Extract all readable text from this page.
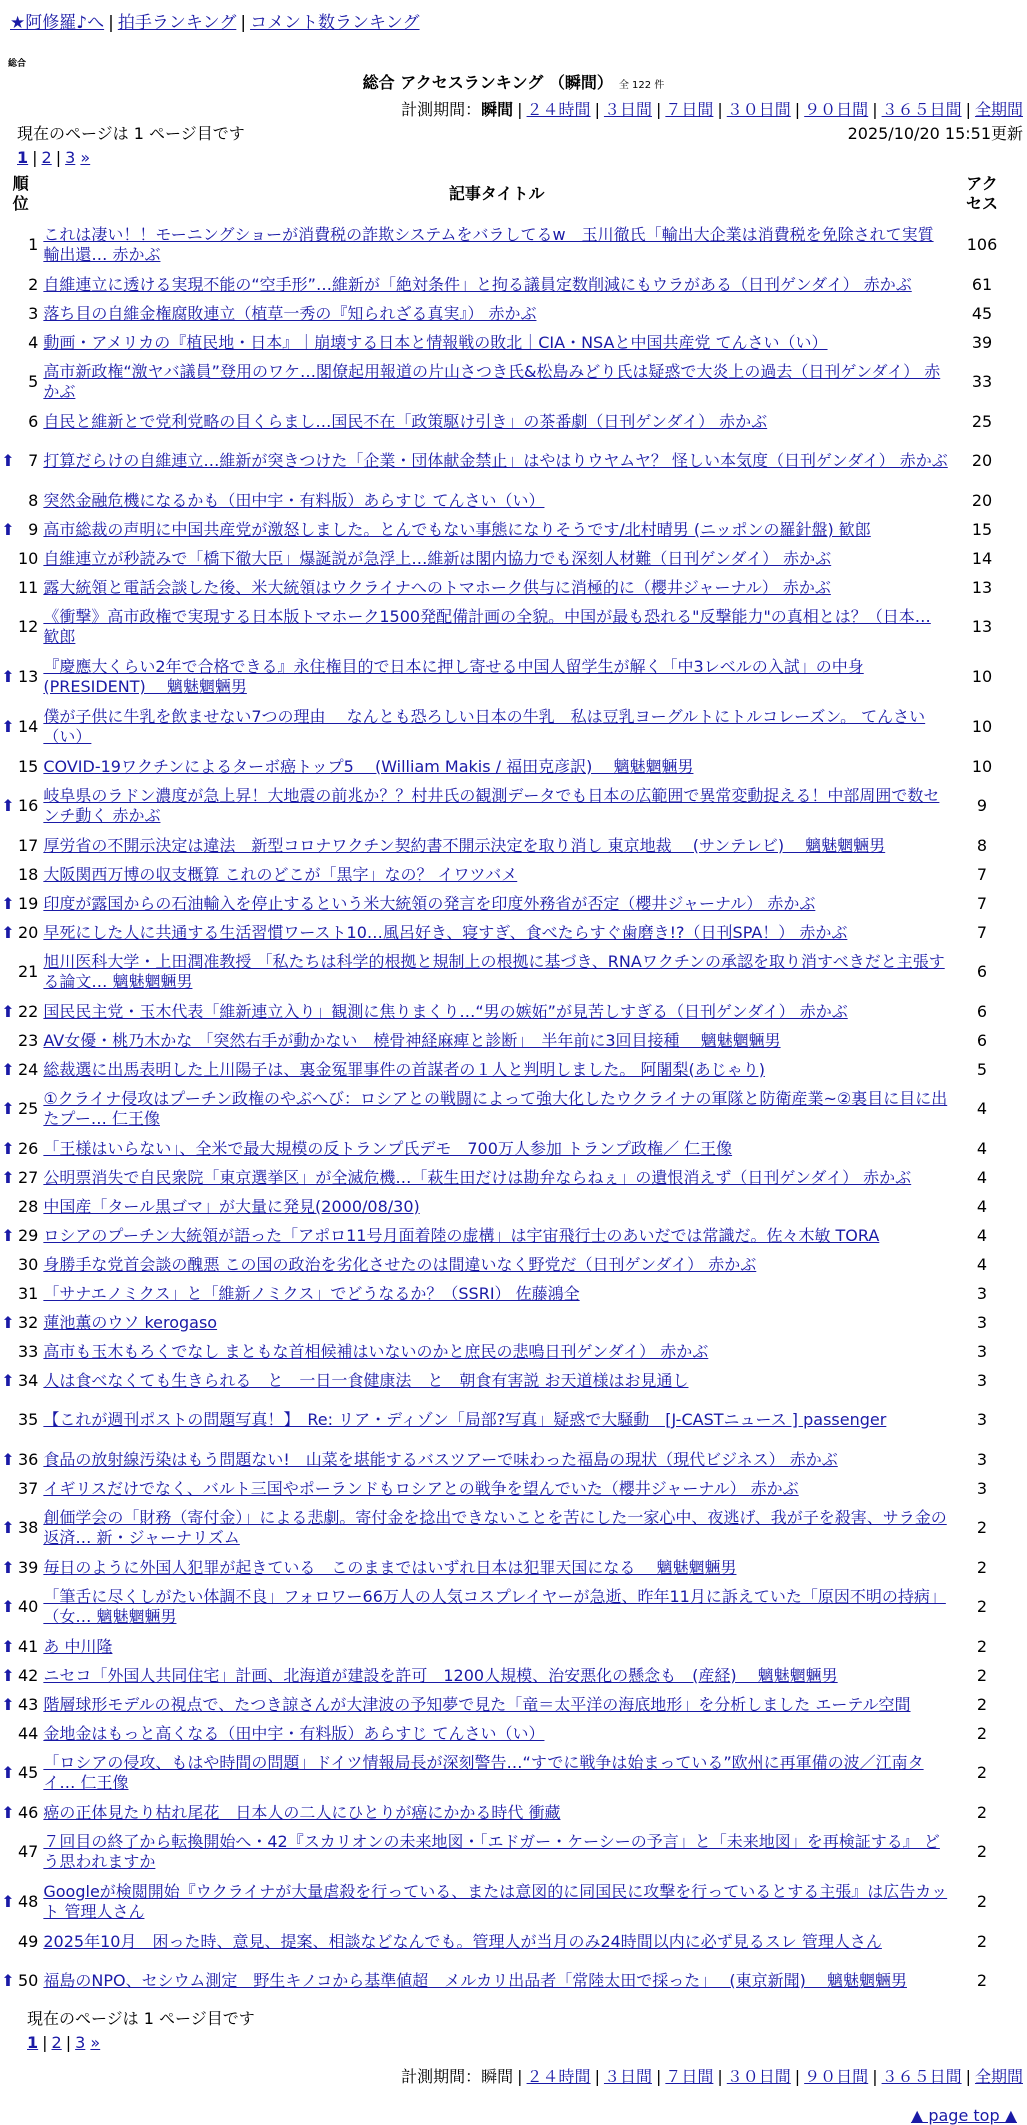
★阿修羅♪へ | 拍手ランキング | コメント数ランキング
総合
総合 アクセスランキング （瞬間） 全 122 件
計測期間：瞬間 | ２４時間 | ３日間 | ７日間 | ３０日間 | ９０日間 | ３６５日間 | 全期間
現在のページは 1 ページ目です	2025/10/20 15:51更新
1 | 2 | 3 »
順位		記事タイトル	アクセス
	1	これは凄い！！モーニングショーが消費税の詐欺システムをバラしてるw　玉川徹氏「輸出大企業は消費税を免除されて実質 輸出還… 赤かぶ	106
	2	自維連立に透ける実現不能の“空手形”…維新が「絶対条件」と拘る議員定数削減にもウラがある（日刊ゲンダイ） 赤かぶ	61
	3	落ち目の自維金権腐敗連立（植草一秀の『知られざる真実』） 赤かぶ	45
	4	動画・アメリカの『植民地・日本』｜崩壊する日本と情報戦の敗北｜CIA・NSAと中国共産党 てんさい（い）	39
	5	高市新政権“激ヤバ議員”登用のワケ…閣僚起用報道の片山さつき氏&松島みどり氏は疑惑で大炎上の過去（日刊ゲンダイ） 赤かぶ	33
	6	自民と維新とで党利党略の目くらまし…国民不在「政策駆け引き」の茶番劇（日刊ゲンダイ） 赤かぶ	25
⬆	7	打算だらけの自維連立…維新が突きつけた「企業・団体献金禁止」はやはりウヤムヤ？ 怪しい本気度（日刊ゲンダイ） 赤かぶ	20
	8	突然金融危機になるかも（田中宇・有料版）あらすじ てんさい（い）	20
⬆	9	高市総裁の声明に中国共産党が激怒しました。とんでもない事態になりそうです/北村晴男 (ニッポンの羅針盤) 歓郎	15
	10	自維連立が秒読みで「橋下徹大臣」爆誕説が急浮上…維新は閣内協力でも深刻人材難（日刊ゲンダイ） 赤かぶ	14
	11	露大統領と電話会談した後、米大統領はウクライナへのトマホーク供与に消極的に（櫻井ジャーナル） 赤かぶ	13
	12	《衝撃》高市政権で実現する日本版トマホーク1500発配備計画の全貌。中国が最も恐れる"反撃能力"の真相とは？（日本… 歓郎	13
⬆	13	『慶應大くらい2年で合格できる』永住権目的で日本に押し寄せる中国人留学生が解く「中3レベルの入試」の中身 (PRESIDENT)　 魑魅魍魎男	10
⬆	14	僕が子供に牛乳を飲ませない7つの理由　 なんとも恐ろしい日本の牛乳　私は豆乳ヨーグルトにトルコレーズン。 てんさい（い）	10
	15	COVID-19ワクチンによるターボ癌トップ5　 (William Makis / 福田克彦訳)　 魑魅魍魎男	10
⬆	16	岐阜県のラドン濃度が急上昇！大地震の前兆か？？村井氏の観測データでも日本の広範囲で異常変動捉える！中部周囲で数センチ動く 赤かぶ	9
	17	厚労省の不開示決定は違法　新型コロナワクチン契約書不開示決定を取り消し 東京地裁　 (サンテレビ)　 魑魅魍魎男	8
	18	大阪関西万博の収支概算 これのどこが「黒字」なの？ イワツバメ	7
⬆	19	印度が露国からの石油輸入を停止するという米大統領の発言を印度外務省が否定（櫻井ジャーナル） 赤かぶ	7
⬆	20	早死にした人に共通する生活習慣ワースト10…風呂好き、寝すぎ、食べたらすぐ歯磨き!?（日刊SPA！） 赤かぶ	7
	21	旭川医科大学・上田潤准教授 「私たちは科学的根拠と規制上の根拠に基づき、RNAワクチンの承認を取り消すべきだと主張する論文… 魑魅魍魎男	6
⬆	22	国民民主党・玉木代表「維新連立入り」観測に焦りまくり…“男の嫉妬”が見苦しすぎる（日刊ゲンダイ） 赤かぶ	6
	23	AV女優・桃乃木かな 「突然右手が動かない　橈骨神経麻痺と診断」　半年前に3回目接種　 魑魅魍魎男	6
⬆	24	総裁選に出馬表明した上川陽子は、裏金冤罪事件の首謀者の１人と判明しました。 阿闍梨(あじゃり)	5
⬆	25	①クライナ侵攻はプーチン政権のやぶへび：ロシアとの戦闘によって強大化したウクライナの軍隊と防衛産業~②裏目に目に出たプー… 仁王像	4
⬆	26	「王様はいらない」、全米で最大規模の反トランプ氏デモ　700万人参加 トランプ政権／ 仁王像	4
⬆	27	公明票消失で自民衆院「東京選挙区」が全滅危機…「萩生田だけは勘弁ならねぇ」の遺恨消えず（日刊ゲンダイ） 赤かぶ	4
	28	中国産「タール黒ゴマ」が大量に発見(2000/08/30)	4
⬆	29	ロシアのプーチン大統領が語った「アポロ11号月面着陸の虚構」は宇宙飛行士のあいだでは常識だ。佐々木敏 TORA	4
	30	身勝手な党首会談の醜悪 この国の政治を劣化させたのは間違いなく野党だ（日刊ゲンダイ） 赤かぶ	4
	31	「サナエノミクス」と「維新ノミクス」でどうなるか？（SSRI） 佐藤鴻全	3
⬆	32	蓮池薫のウソ kerogaso	3
	33	高市も玉木もろくでなし まともな首相候補はいないのかと庶民の悲鳴日刊ゲンダイ） 赤かぶ	3
⬆	34	人は食べなくても生きられる　と　一日一食健康法　と　朝食有害説 お天道様はお見通し	3
	35	【これが週刊ポストの問題写真！】　Re: リア・ディゾン「局部?写真」疑惑で大騒動　[J-CASTニュース ] passenger	3
⬆	36	食品の放射線汚染はもう問題ない!　山菜を堪能するバスツアーで味わった福島の現状（現代ビジネス） 赤かぶ	3
	37	イギリスだけでなく、バルト三国やポーランドもロシアとの戦争を望んでいた（櫻井ジャーナル） 赤かぶ	3
⬆	38	創価学会の「財務（寄付金）」による悲劇。寄付金を捻出できないことを苦にした一家心中、夜逃げ、我が子を殺害、サラ金の返済… 新・ジャーナリズム	2
⬆	39	毎日のように外国人犯罪が起きている　このままではいずれ日本は犯罪天国になる　 魑魅魍魎男	2
⬆	40	「筆舌に尽くしがたい体調不良」フォロワー66万人の人気コスプレイヤーが急逝、昨年11月に訴えていた「原因不明の持病」（女… 魑魅魍魎男	2
⬆	41	あ 中川隆	2
⬆	42	ニセコ「外国人共同住宅」計画、北海道が建設を許可　1200人規模、治安悪化の懸念も　(産経)　 魑魅魍魎男	2
⬆	43	階層球形モデルの視点で、たつき諒さんが大津波の予知夢で見た「竜＝太平洋の海底地形」を分析しました エーテル空間	2
	44	金地金はもっと高くなる（田中宇・有料版）あらすじ てんさい（い）	2
⬆	45	「ロシアの侵攻、もはや時間の問題」ドイツ情報局長が深刻警告…“すでに戦争は始まっている”欧州に再軍備の波／江南タイ… 仁王像	2
⬆	46	癌の正体見たり枯れ尾花　日本人の二人にひとりが癌にかかる時代 衝藏	2
	47	７回目の終了から転換開始へ・42『スカリオンの未来地図・「エドガー・ケーシーの予言」と「未来地図」を再検証する』 どう思われますか	2
⬆	48	Googleが検閲開始『ウクライナが大量虐殺を行っている、または意図的に同国民に攻撃を行っているとする主張』は広告カット 管理人さん	2
	49	2025年10月　困った時、意見、提案、相談などなんでも。管理人が当月のみ24時間以内に必ず見るスレ 管理人さん	2
⬆	50	福島のNPO、セシウム測定　野生キノコから基準値超　メルカリ出品者「常陸太田で採った」　 (東京新聞)　 魑魅魍魎男	2
現在のページは 1 ページ目です
1 | 2 | 3 »
計測期間：瞬間 | ２４時間 | ３日間 | ７日間 | ３０日間 | ９０日間 | ３６５日間 | 全期間
▲ page top ▲
